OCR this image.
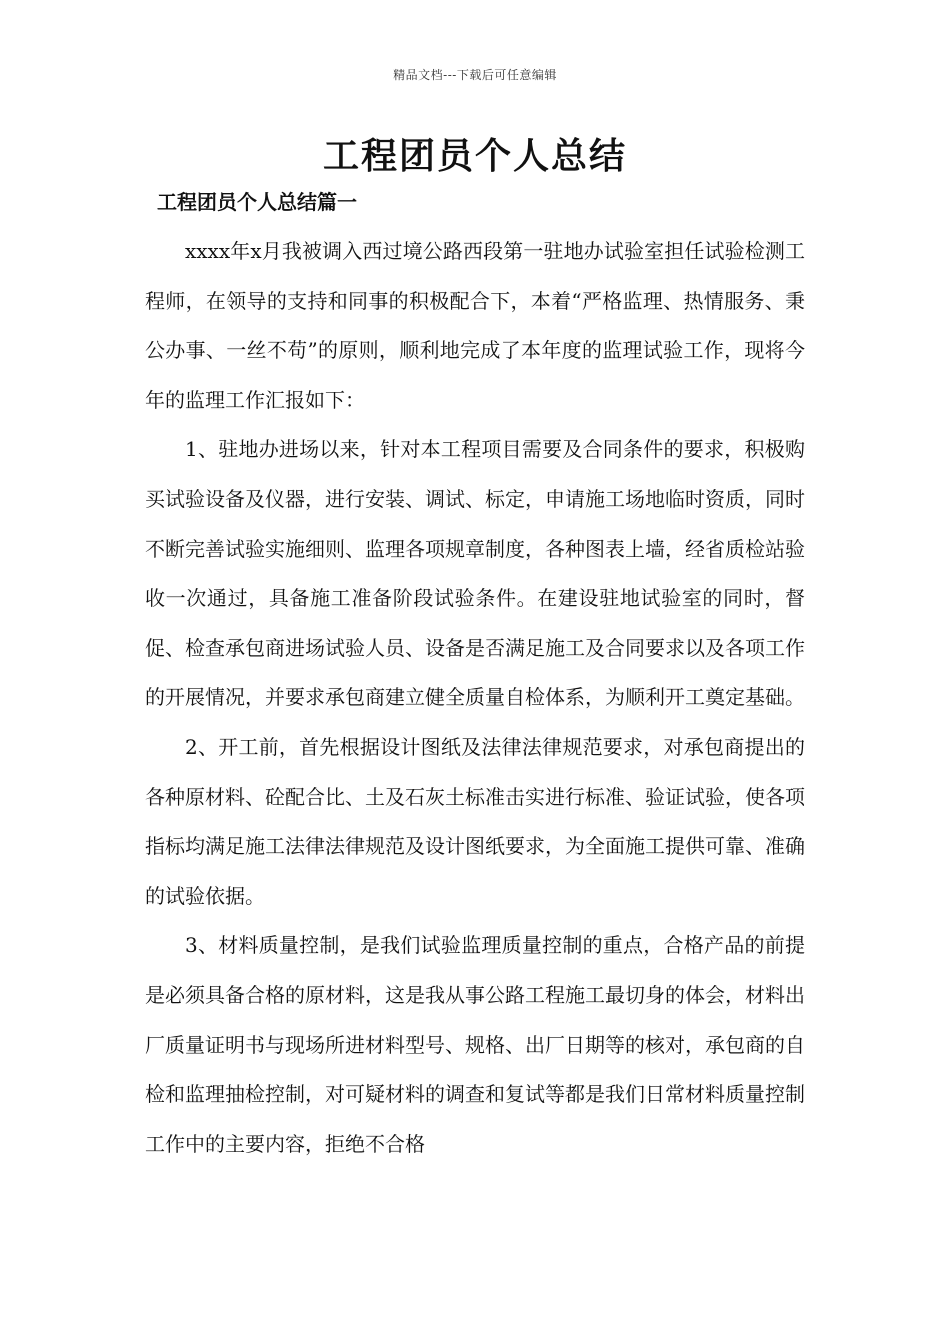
精品文档---下载后可任意编辑
工程团员个人总结
工程团员个人总结篇一

xxxx年x月我被调入西过境公路西段第一驻地办试验室担任试验检测工程师，在领导的支持和同事的积极配合下，本着“严格监理、热情服务、秉公办事、一丝不苟”的原则，顺利地完成了本年度的监理试验工作，现将今年的监理工作汇报如下：

1、驻地办进场以来，针对本工程项目需要及合同条件的要求，积极购买试验设备及仪器，进行安装、调试、标定，申请施工场地临时资质，同时不断完善试验实施细则、监理各项规章制度，各种图表上墙，经省质检站验收一次通过，具备施工准备阶段试验条件。在建设驻地试验室的同时，督促、检查承包商进场试验人员、设备是否满足施工及合同要求以及各项工作的开展情况，并要求承包商建立健全质量自检体系，为顺利开工奠定基础。

2、开工前，首先根据设计图纸及法律法律规范要求，对承包商提出的各种原材料、砼配合比、土及石灰土标准击实进行标准、验证试验，使各项指标均满足施工法律法律规范及设计图纸要求，为全面施工提供可靠、准确的试验依据。

3、材料质量控制，是我们试验监理质量控制的重点，合格产品的前提是必须具备合格的原材料，这是我从事公路工程施工最切身的体会，材料出厂质量证明书与现场所进材料型号、规格、出厂日期等的核对，承包商的自检和监理抽检控制，对可疑材料的调查和复试等都是我们日常材料质量控制工作中的主要内容，拒绝不合格
